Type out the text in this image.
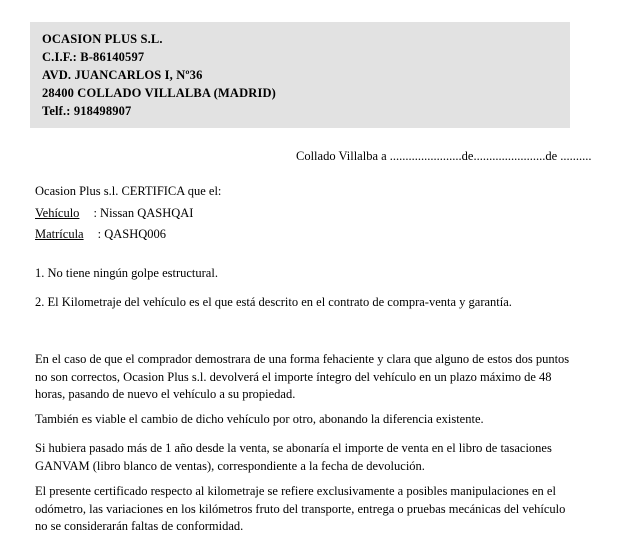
OCASION PLUS S.L.
C.I.F.: B-86140597
AVD. JUANCARLOS I, Nº36
28400 COLLADO VILLALBA (MADRID)
Telf.: 918498907
Collado Villalba a .......................de.......................de ..........
Ocasion Plus s.l. CERTIFICA que el:
Vehículo : Nissan QASHQAI
Matrícula : QASHQ006
1. No tiene ningún golpe estructural.
2. El Kilometraje del vehículo es el que está descrito en el contrato de compra-venta y garantía.
En el caso de que el comprador demostrara de una forma fehaciente y clara que alguno de estos dos puntos no son correctos, Ocasion Plus s.l. devolverá el importe íntegro del vehículo en un plazo máximo de 48 horas, pasando de nuevo el vehículo a su propiedad.
También es viable el cambio de dicho vehículo por otro, abonando la diferencia existente.
Si hubiera pasado más de 1 año desde la venta, se abonaría el importe de venta en el libro de tasaciones GANVAM (libro blanco de ventas), correspondiente a la fecha de devolución.
El presente certificado respecto al kilometraje se refiere exclusivamente a posibles manipulaciones en el odómetro, las variaciones en los kilómetros fruto del transporte, entrega o pruebas mecánicas del vehículo no se considerarán faltas de conformidad.
